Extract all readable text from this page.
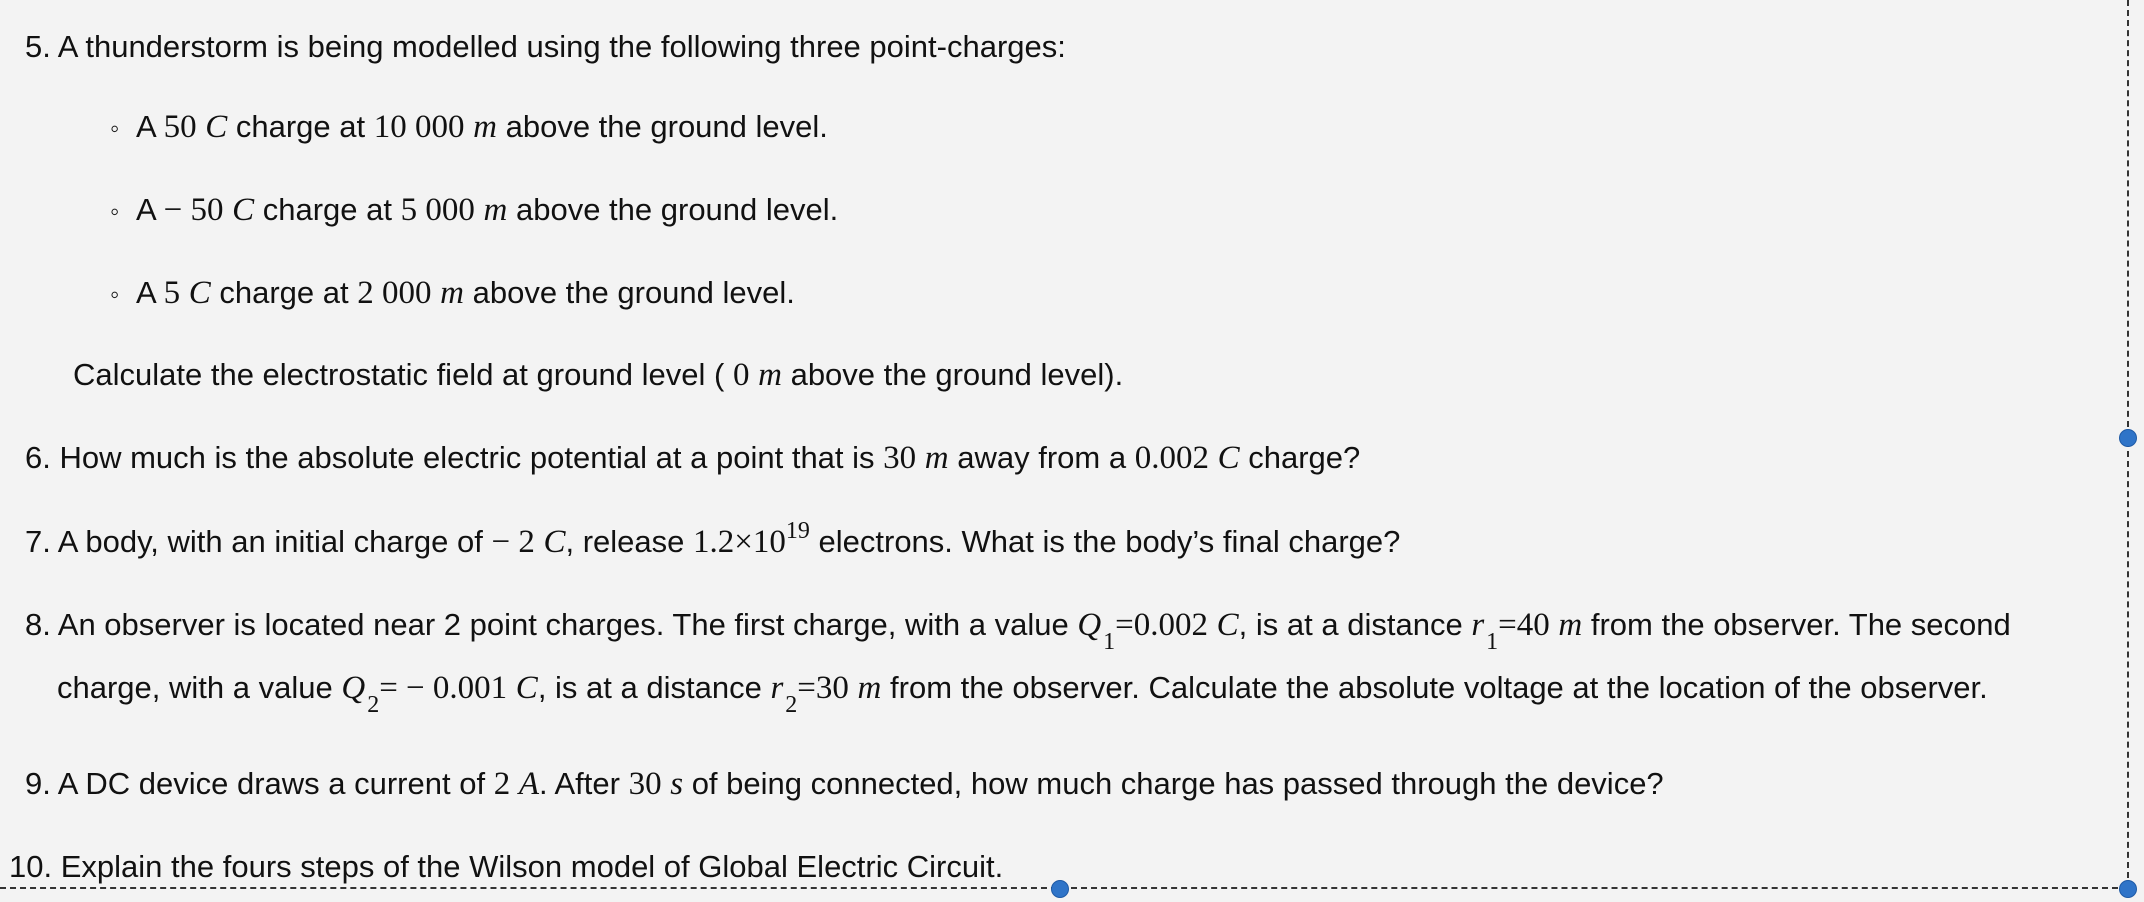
5. A thunderstorm is being modelled using the following three point-charges:
◦ A 50 C charge at 10 000 m above the ground level.
◦ A − 50 C charge at 5 000 m above the ground level.
◦ A 5 C charge at 2 000 m above the ground level.
Calculate the electrostatic field at ground level ( 0 m above the ground level).
6. How much is the absolute electric potential at a point that is 30 m away from a 0.002 C charge?
7. A body, with an initial charge of − 2 C, release $1.2\times 10^{19}$ electrons. What is the body’s final charge?
8. An observer is located near 2 point charges. The first charge, with a value $Q_1=0.002$ C, is at a distance $r_1=40$ m from the observer. The second
charge, with a value $Q_2= - 0.001$ C, is at a distance $r_2=30$ m from the observer. Calculate the absolute voltage at the location of the observer.
9. A DC device draws a current of 2 A. After 30 s of being connected, how much charge has passed through the device?
10. Explain the fours steps of the Wilson model of Global Electric Circuit.
